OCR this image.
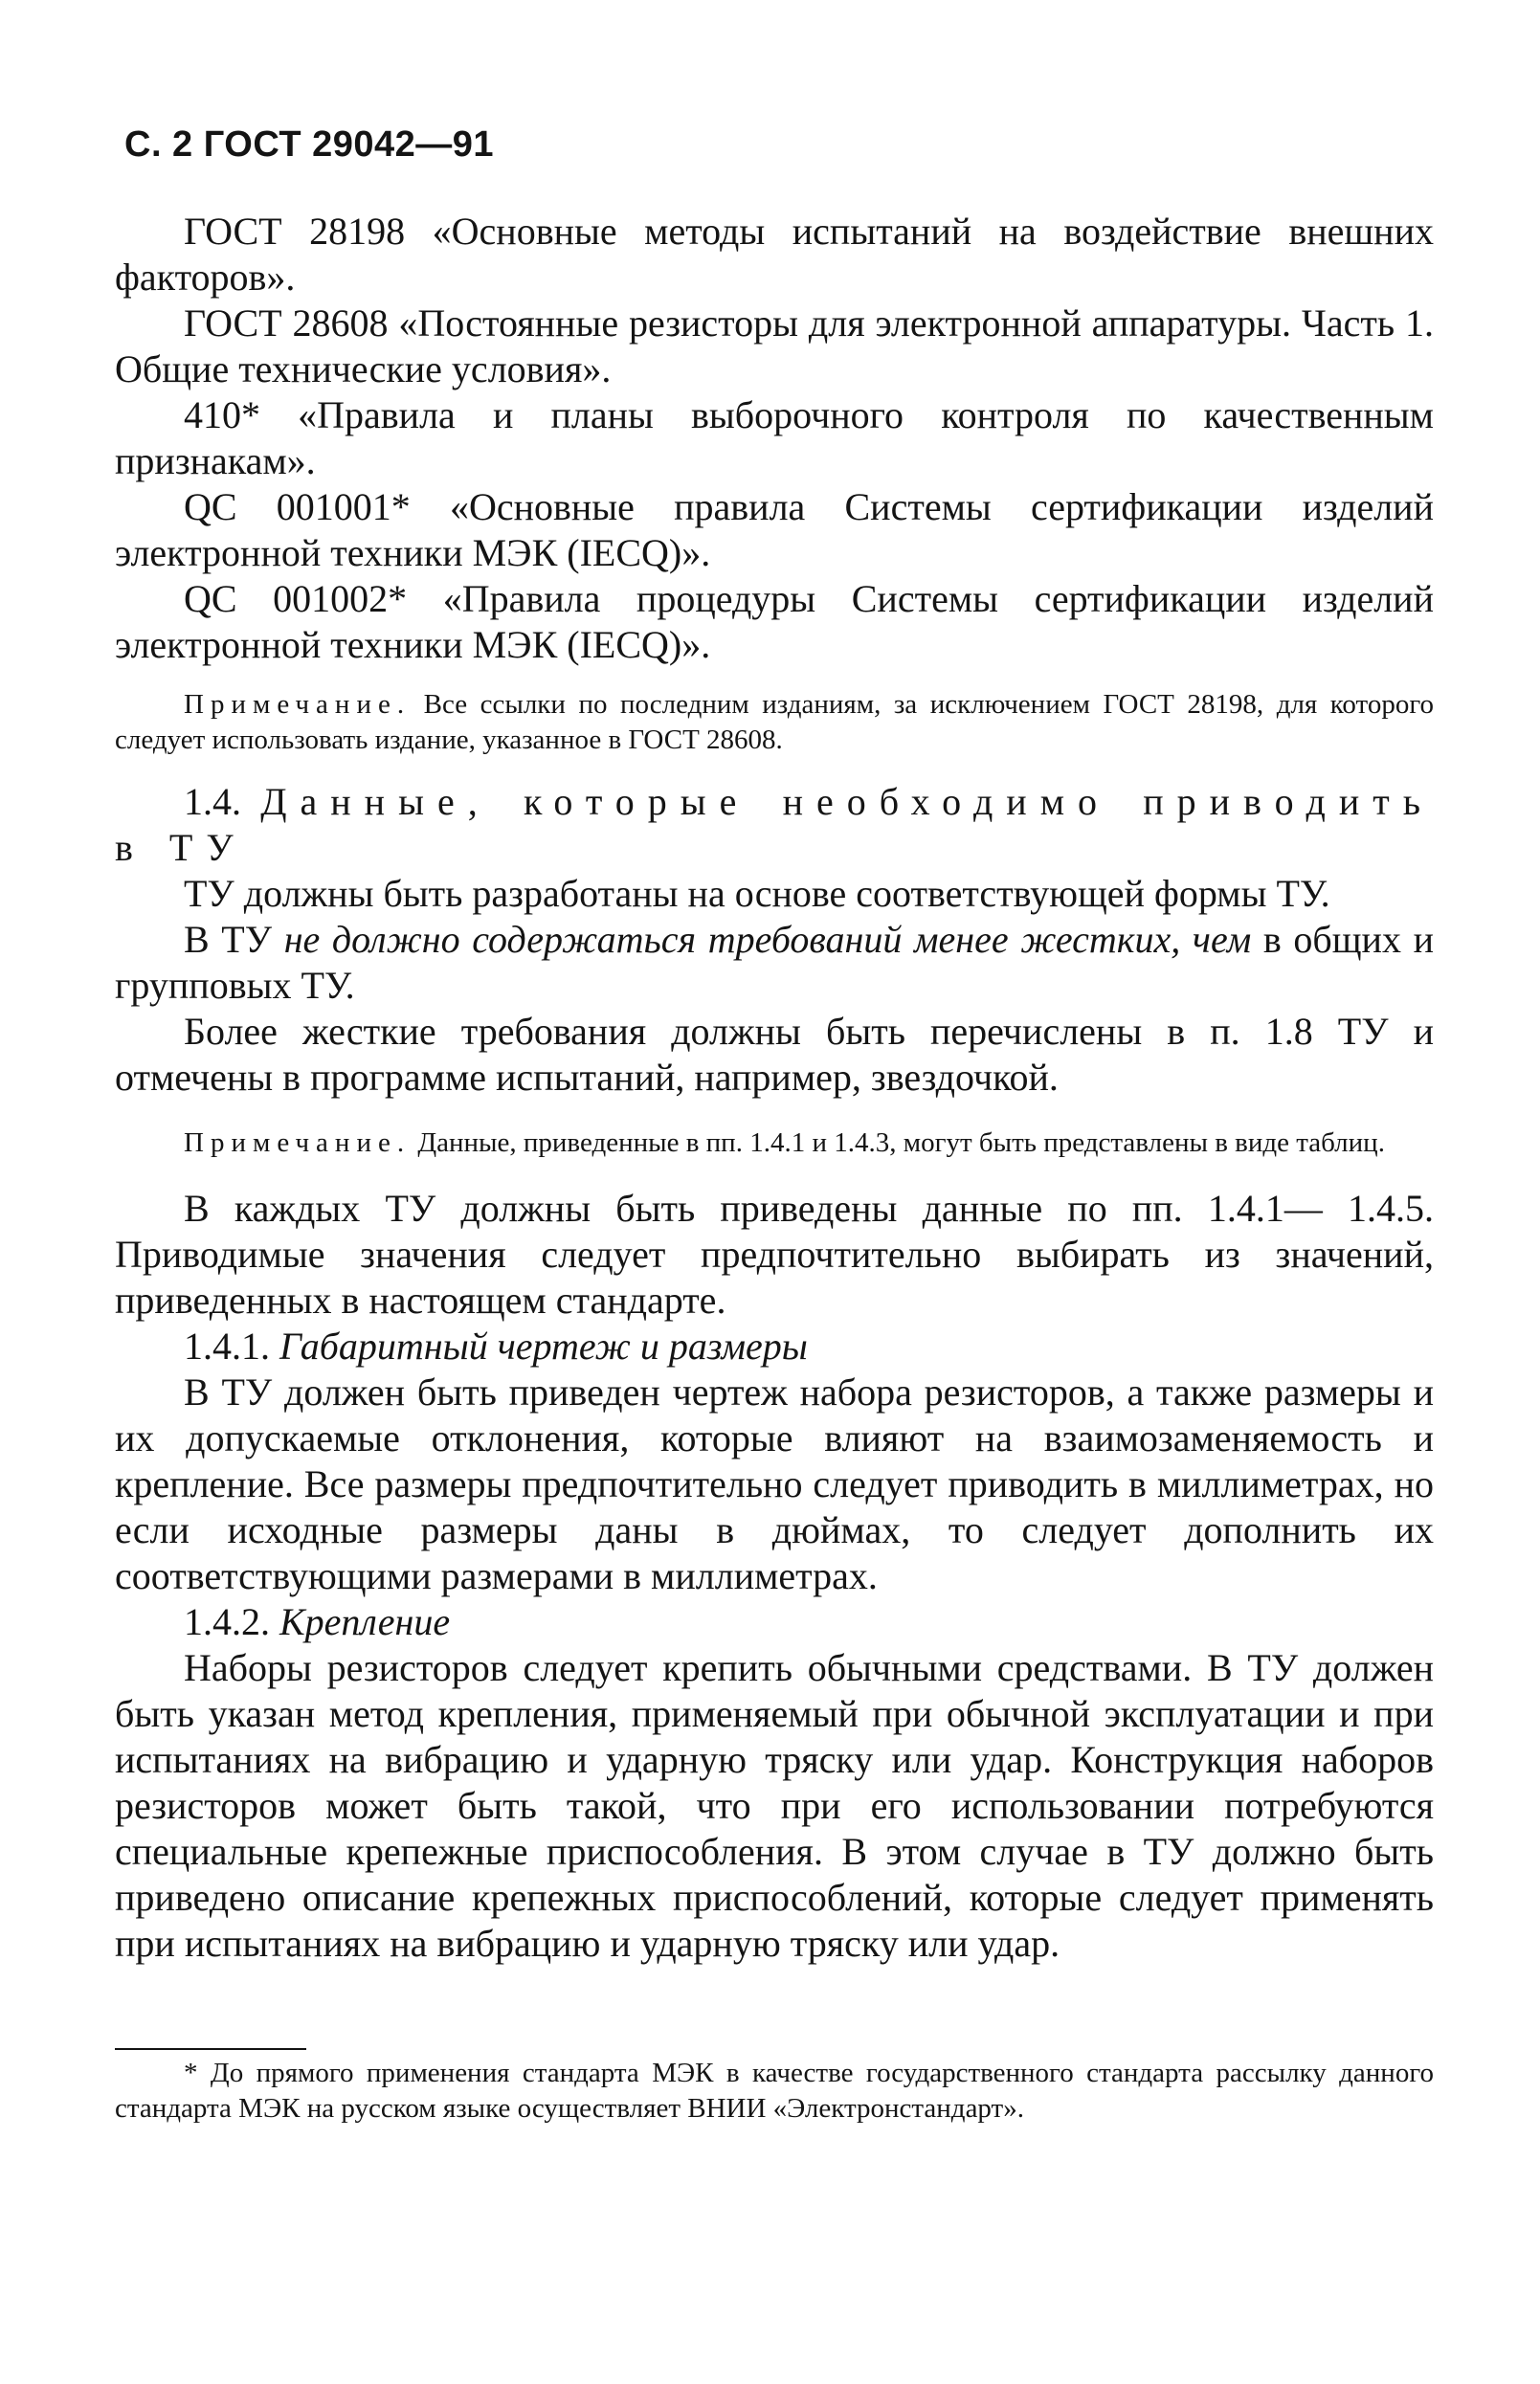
С. 2 ГОСТ 29042—91

ГОСТ 28198 «Основные методы испытаний на воздействие внешних факторов».

ГОСТ 28608 «Постоянные резисторы для электронной аппаратуры. Часть 1. Общие технические условия».

410* «Правила и планы выборочного контроля по качественным признакам».

QC 001001* «Основные правила Системы сертификации изделий электронной техники МЭК (IECQ)».

QC 001002* «Правила процедуры Системы сертификации изделий электронной техники МЭК (IECQ)».

Примечание. Все ссылки по последним изданиям, за исключением ГОСТ 28198, для которого следует использовать издание, указанное в ГОСТ 28608.

1.4. Данные, которые необходимо приводить в ТУ

ТУ должны быть разработаны на основе соответствующей формы ТУ.

В ТУ не должно содержаться требований менее жестких, чем в общих и групповых ТУ.

Более жесткие требования должны быть перечислены в п. 1.8 ТУ и отмечены в программе испытаний, например, звездочкой.

Примечание. Данные, приведенные в пп. 1.4.1 и 1.4.3, могут быть представлены в виде таблиц.

В каждых ТУ должны быть приведены данные по пп. 1.4.1— 1.4.5. Приводимые значения следует предпочтительно выбирать из значений, приведенных в настоящем стандарте.

1.4.1. Габаритный чертеж и размеры

В ТУ должен быть приведен чертеж набора резисторов, а также размеры и их допускаемые отклонения, которые влияют на взаимозаменяемость и крепление. Все размеры предпочтительно следует приводить в миллиметрах, но если исходные размеры даны в дюймах, то следует дополнить их соответствующими размерами в миллиметрах.

1.4.2. Крепление

Наборы резисторов следует крепить обычными средствами. В ТУ должен быть указан метод крепления, применяемый при обычной эксплуатации и при испытаниях на вибрацию и ударную тряску или удар. Конструкция наборов резисторов может быть такой, что при его использовании потребуются специальные крепежные приспособления. В этом случае в ТУ должно быть приведено описание крепежных приспособлений, которые следует применять при испытаниях на вибрацию и ударную тряску или удар.

* До прямого применения стандарта МЭК в качестве государственного стандарта рассылку данного стандарта МЭК на русском языке осуществляет ВНИИ «Электронстандарт».
